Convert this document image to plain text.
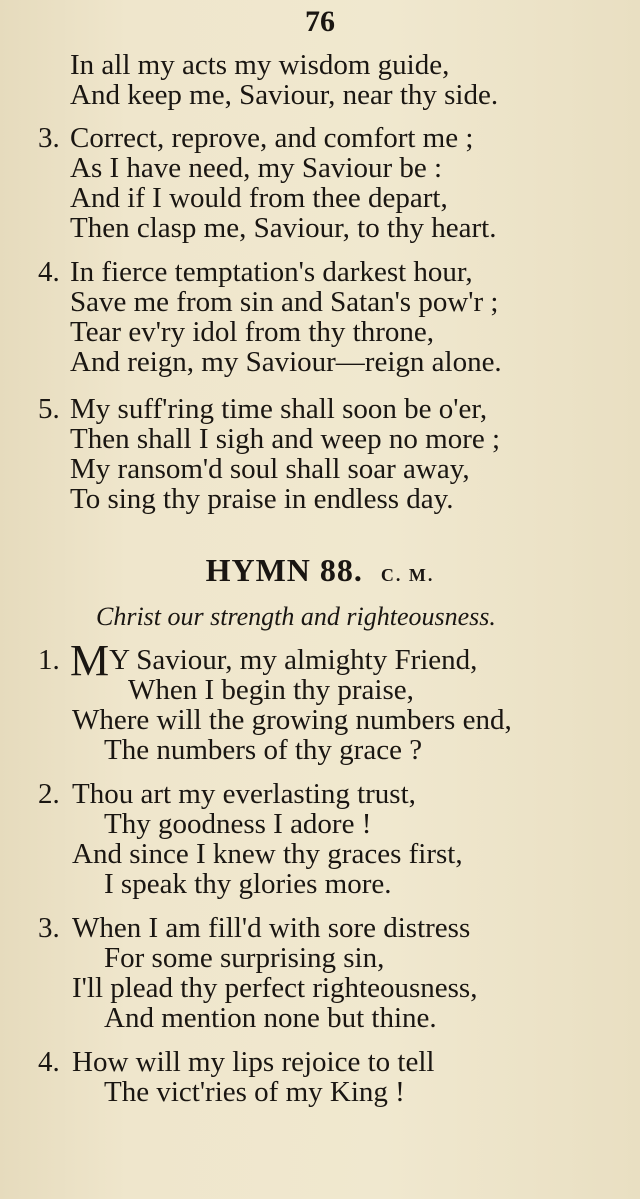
76
In all my acts my wisdom guide,
And keep me, Saviour, near thy side.
3. Correct, reprove, and comfort me ;
As I have need, my Saviour be :
And if I would from thee depart,
Then clasp me, Saviour, to thy heart.
4. In fierce temptation's darkest hour,
Save me from sin and Satan's pow'r ;
Tear ev'ry idol from thy throne,
And reign, my Saviour—reign alone.
5. My suff'ring time shall soon be o'er,
Then shall I sigh and weep no more ;
My ransom'd soul shall soar away,
To sing thy praise in endless day.
HYMN 88. C. M.
Christ our strength and righteousness.
1. MY Saviour, my almighty Friend,
When I begin thy praise,
Where will the growing numbers end,
The numbers of thy grace ?
2. Thou art my everlasting trust,
Thy goodness I adore !
And since I knew thy graces first,
I speak thy glories more.
3. When I am fill'd with sore distress
For some surprising sin,
I'll plead thy perfect righteousness,
And mention none but thine.
4. How will my lips rejoice to tell
The vict'ries of my King !
